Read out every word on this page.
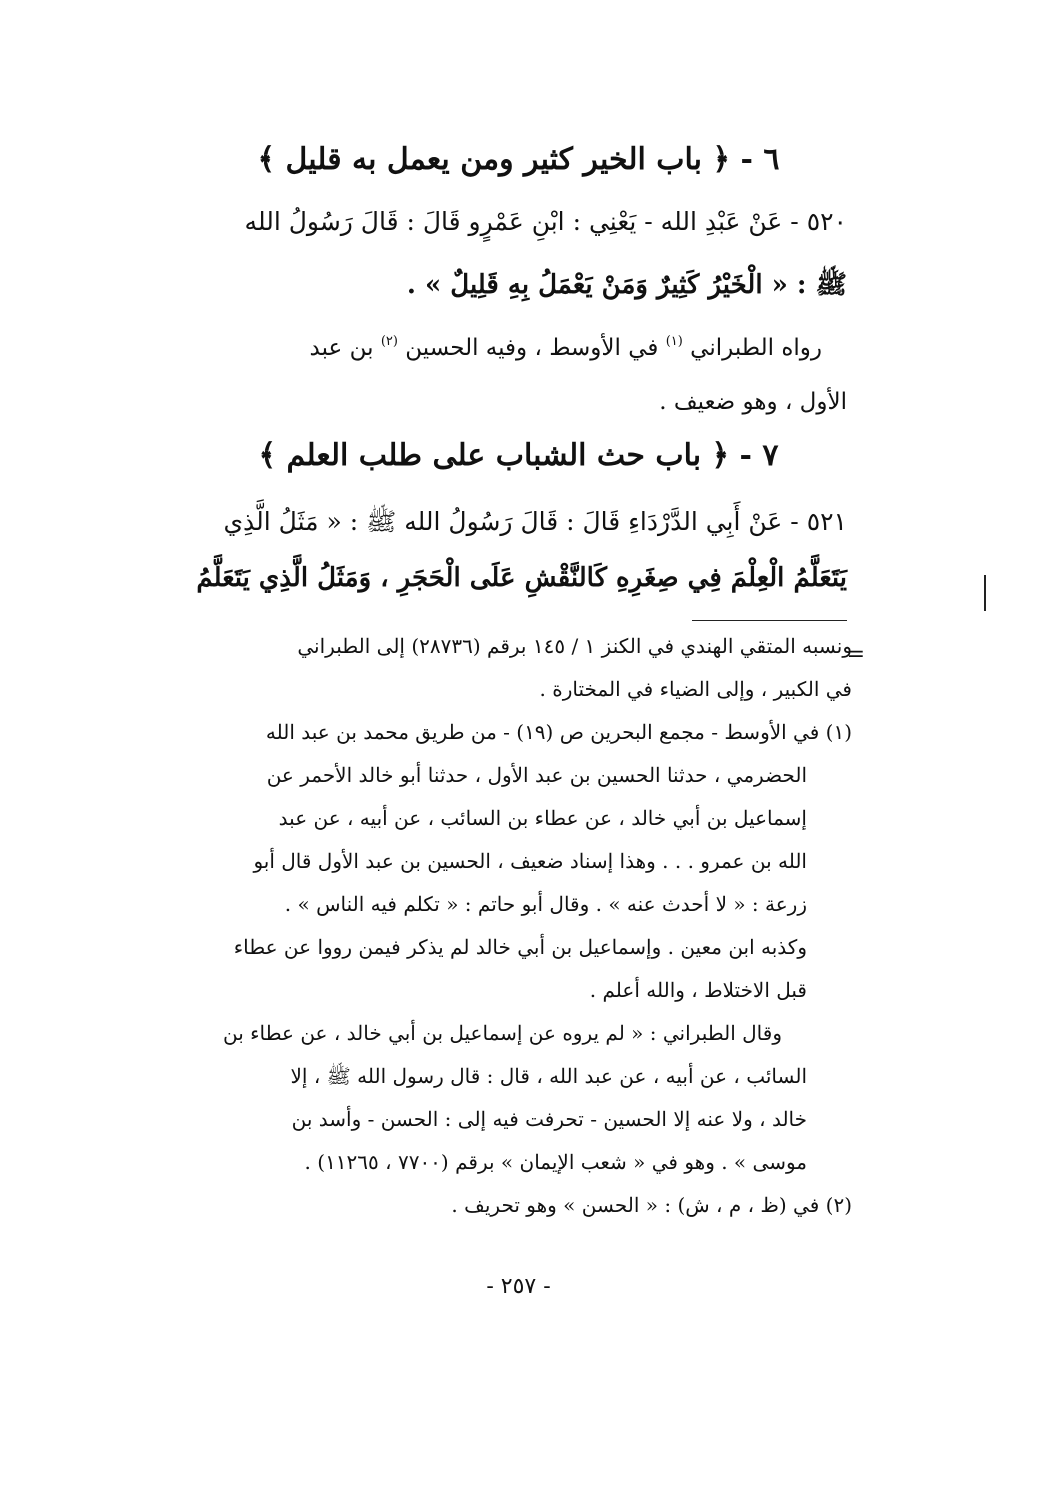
٦ - ﴿ باب الخير كثير ومن يعمل به قليل ﴾
٥٢٠ - عَنْ عَبْدِ الله - يَعْنِي : ابْنِ عَمْرٍو قَالَ : قَالَ رَسُولُ الله
ﷺ : « الْخَيْرُ كَثِيرٌ وَمَنْ يَعْمَلُ بِهِ قَلِيلٌ » .
رواه الطبراني $^{(١)}$ في الأوسط ، وفيه الحسين $^{(٢)}$ بن عبد
الأول ، وهو ضعيف .
٧ - ﴿ باب حث الشباب على طلب العلم ﴾
٥٢١ - عَنْ أَبِي الدَّرْدَاءِ قَالَ : قَالَ رَسُولُ الله ﷺ : « مَثَلُ الَّذِي
يَتَعَلَّمُ الْعِلْمَ فِي صِغَرِهِ كَالنَّقْشِ عَلَى الْحَجَرِ ، وَمَثَلُ الَّذِي يَتَعَلَّمُ
=
ونسبه المتقي الهندي في الكنز ١ / ١٤٥ برقم (٢٨٧٣٦) إلى الطبراني
في الكبير ، وإلى الضياء في المختارة .
(١) في الأوسط - مجمع البحرين ص (١٩) - من طريق محمد بن عبد الله
الحضرمي ، حدثنا الحسين بن عبد الأول ، حدثنا أبو خالد الأحمر عن
إسماعيل بن أبي خالد ، عن عطاء بن السائب ، عن أبيه ، عن عبد
الله بن عمرو . . . وهذا إسناد ضعيف ، الحسين بن عبد الأول قال أبو
زرعة : « لا أحدث عنه » . وقال أبو حاتم : « تكلم فيه الناس » .
وكذبه ابن معين . وإسماعيل بن أبي خالد لم يذكر فيمن رووا عن عطاء
قبل الاختلاط ، والله أعلم .
وقال الطبراني : « لم يروه عن إسماعيل بن أبي خالد ، عن عطاء بن
السائب ، عن أبيه ، عن عبد الله ، قال : قال رسول الله ﷺ ، إلا
خالد ، ولا عنه إلا الحسين - تحرفت فيه إلى : الحسن - وأسد بن
موسى » . وهو في « شعب الإيمان » برقم (٧٧٠٠ ، ١١٢٦٥) .
(٢) في (ظ ، م ، ش) : « الحسن » وهو تحريف .
- ٢٥٧ -
